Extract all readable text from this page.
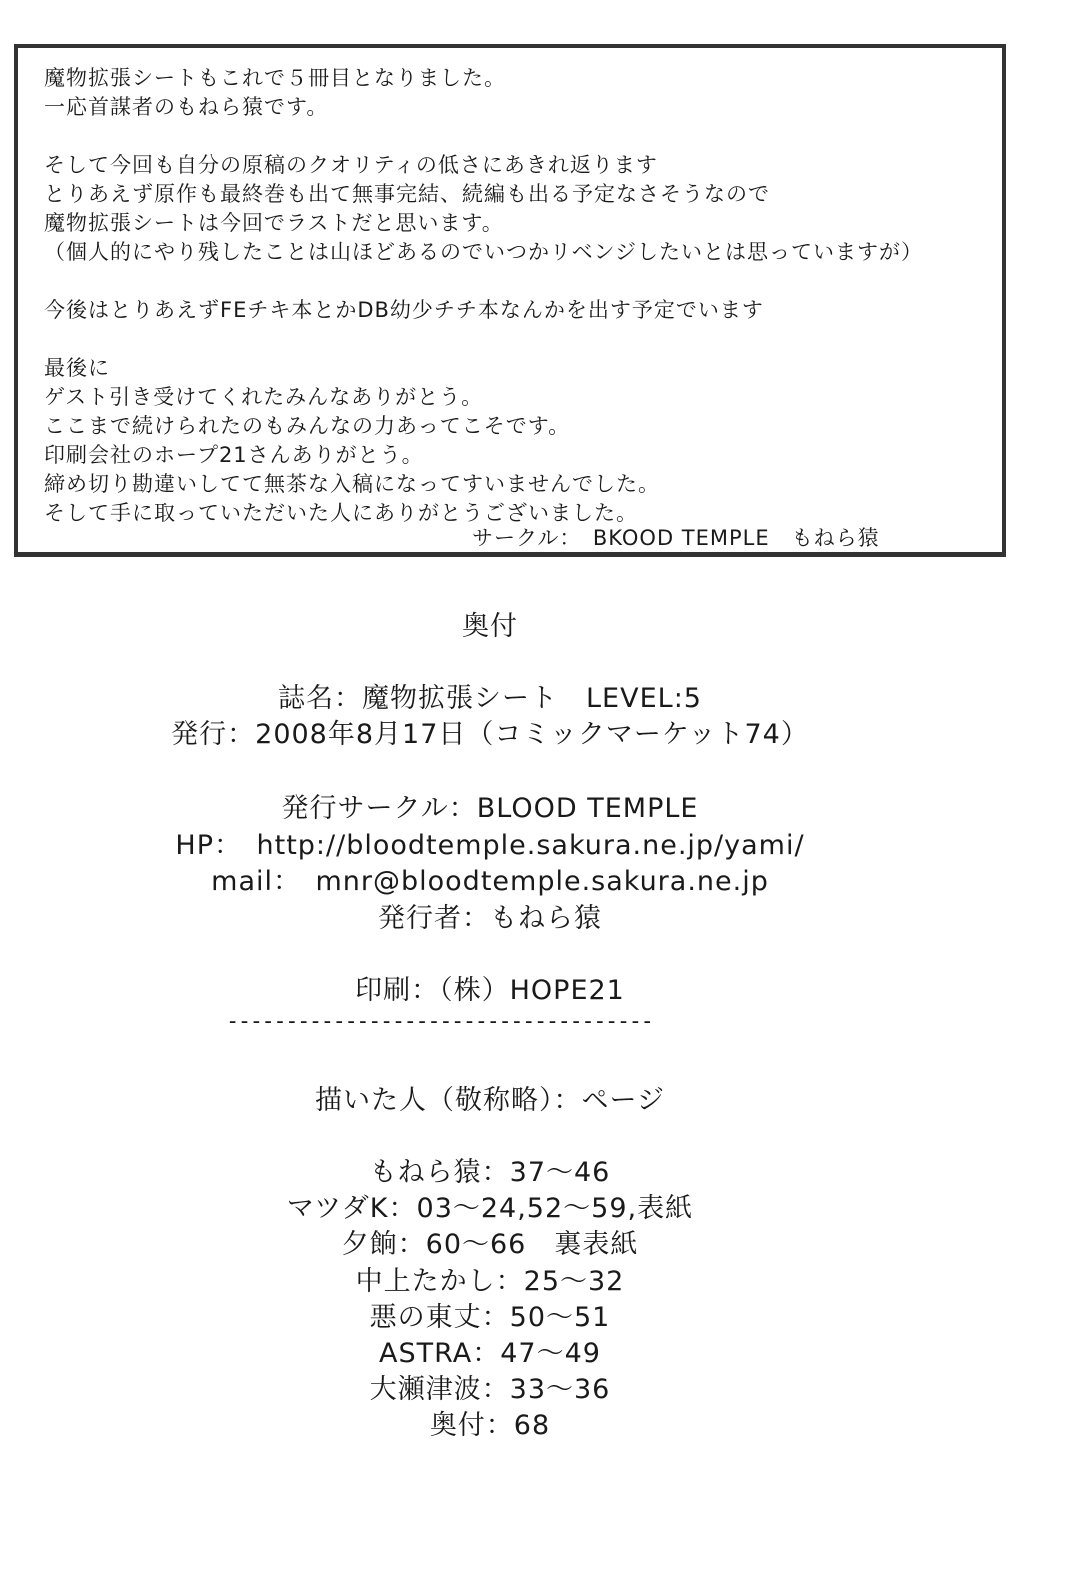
魔物拡張シートもこれで５冊目となりました。
一応首謀者のもねら猿です。
そして今回も自分の原稿のクオリティの低さにあきれ返ります
とりあえず原作も最終巻も出て無事完結、続編も出る予定なさそうなので
魔物拡張シートは今回でラストだと思います。
（個人的にやり残したことは山ほどあるのでいつかリベンジしたいとは思っていますが）
今後はとりあえずFEチキ本とかDB幼少チチ本なんかを出す予定でいます
最後に
ゲスト引き受けてくれたみんなありがとう。
ここまで続けられたのもみんなの力あってこそです。
印刷会社のホープ21さんありがとう。
締め切り勘違いしてて無茶な入稿になってすいませんでした。
そして手に取っていただいた人にありがとうございました。
サークル：　BKOOD TEMPLE　もねら猿
奥付
誌名：魔物拡張シート　LEVEL:5
発行：2008年8月17日（コミックマーケット74）
発行サークル：BLOOD TEMPLE
HP：　http://bloodtemple.sakura.ne.jp/yami/
mail：　mnr@bloodtemple.sakura.ne.jp
発行者：もねら猿
印刷：（株）HOPE21
------------------------------------
描いた人（敬称略）：ページ
もねら猿：37～46
マツダK：03～24,52～59,表紙
夕餉：60～66　裏表紙
中上たかし：25～32
悪の東丈：50～51
ASTRA：47～49
大瀬津波：33～36
奥付：68
